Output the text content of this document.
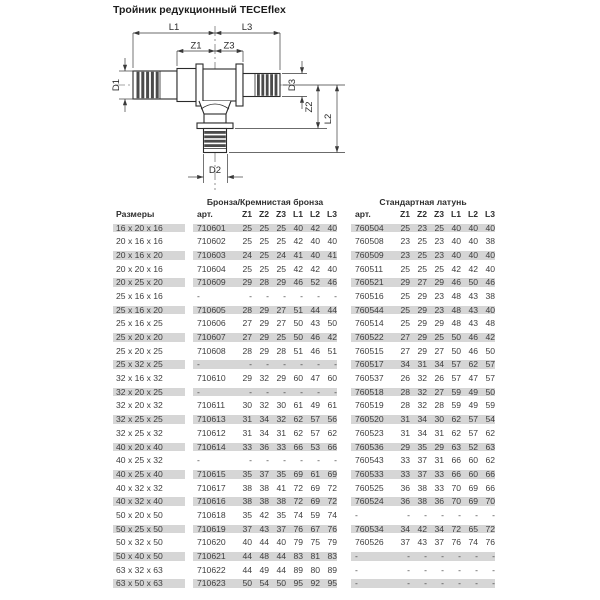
Тройник редукционный TECEflex
L1	L3
Z1 Z3
D1	D3
Z2
L2
D2
Бронза/Кремнистая бронза	Стандартная латунь
Размеры	арт.	Z1 Z2 Z3 L1 L2 L3	арт.	Z1 Z2 Z3 L1 L2 L3
16 x 20 x 16	710601	25 25 25 40 42 40	760504	25 23 25 40 40 40
20 x 16 x 16	710602	25 25 25 42 40 40	760508	23 25 23 40 40 38
20 x 16 x 20	710603	24 25 24 41 40 41	760509	23 25 23 40 40 40
20 x 20 x 16	710604	25 25 25 42 42 40	760511	25 25 25 42 42 40
20 x 25 x 20	710609	29 28 29 46 52 46	760521	29 27 29 46 50 46
25 x 16 x 16	-	-	-	-	-	-	-	760516	25 29 23 48 43 38
25 x 16 x 20	710605	28 29 27 51 44 44	760544	25 29 23 48 43 40
25 x 16 x 25	710606	27 29 27 50 43 50	760514	25 29 29 48 43 48
25 x 20 x 20	710607	27 29 25 50 46 42	760522	27 29 25 50 46 42
25 x 20 x 25	710608	28 29 28 51 46 51	760515	27 29 27 50 46 50
25 x 32 x 25	-	-	-	-	-	-	-	760517	34 31 34 57 62 57
32 x 16 x 32	710610	29 32 29 60 47 60	760537	26 32 26 57 47 57
32 x 20 x 25	-	-	-	-	-	-	-	760518	28 32 27 59 49 50
32 x 20 x 32	710611	30 32 30 61 49 61	760519	28 32 28 59 49 59
32 x 25 x 25	710613	31 34 32 62 57 56	760520	31 34 30 62 57 54
32 x 25 x 32	710612	31 34 31 62 57 62	760523	31 34 31 62 57 62
40 x 20 x 40	710614	33 36 33 66 53 66	760536	29 35 29 63 52 63
40 x 25 x 32	-	-	-	-	-	-	-	760543	33 37 31 66 60 62
40 x 25 x 40	710615	35 37 35 69 61 69	760533	33 37 33 66 60 66
40 x 32 x 32	710617	38 38 41 72 69 72	760525	36 38 33 70 69 66
40 x 32 x 40	710616	38 38 38 72 69 72	760524	36 38 36 70 69 70
50 x 20 x 50	710618	35 42 35 74 59 74	-	-	-	-	-	-	-
50 x 25 x 50	710619	37 43 37 76 67 76	760534	34 42 34 72 65 72
50 x 32 x 50	710620	40 44 40 79 75 79	760526	37 43 37 76 74 76
50 x 40 x 50	710621	44 48 44 83 81 83	-	-	-	-	-	-	-
63 x 32 x 63	710622	44 49 44 89 80 89	-	-	-	-	-	-	-
63 x 50 x 63	710623	50 54 50 95 92 95	-	-	-	-	-	-	-
